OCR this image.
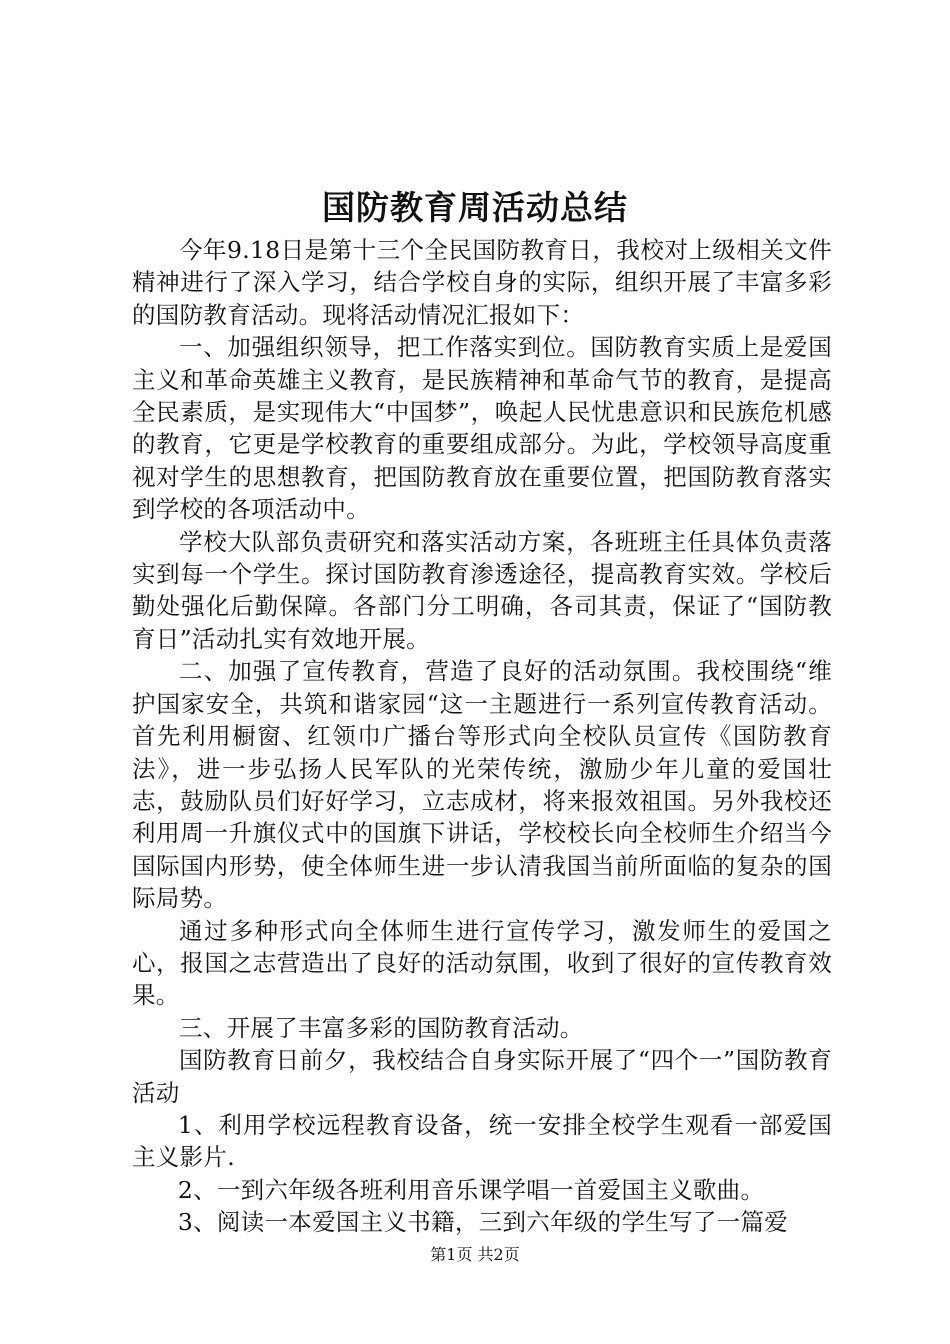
国防教育周活动总结

今年9.18日是第十三个全民国防教育日，我校对上级相关文件精神进行了深入学习，结合学校自身的实际，组织开展了丰富多彩的国防教育活动。现将活动情况汇报如下：

一、加强组织领导，把工作落实到位。国防教育实质上是爱国主义和革命英雄主义教育，是民族精神和革命气节的教育，是提高全民素质，是实现伟大“中国梦”，唤起人民忧患意识和民族危机感的教育，它更是学校教育的重要组成部分。为此，学校领导高度重视对学生的思想教育，把国防教育放在重要位置，把国防教育落实到学校的各项活动中。

学校大队部负责研究和落实活动方案，各班班主任具体负责落实到每一个学生。探讨国防教育渗透途径，提高教育实效。学校后勤处强化后勤保障。各部门分工明确，各司其责，保证了“国防教育日”活动扎实有效地开展。

二、加强了宣传教育，营造了良好的活动氛围。我校围绕“维护国家安全，共筑和谐家园“这一主题进行一系列宣传教育活动。首先利用橱窗、红领巾广播台等形式向全校队员宣传《国防教育法》，进一步弘扬人民军队的光荣传统，激励少年儿童的爱国壮志，鼓励队员们好好学习，立志成材，将来报效祖国。另外我校还利用周一升旗仪式中的国旗下讲话，学校校长向全校师生介绍当今国际国内形势，使全体师生进一步认清我国当前所面临的复杂的国际局势。

通过多种形式向全体师生进行宣传学习，激发师生的爱国之心，报国之志营造出了良好的活动氛围，收到了很好的宣传教育效果。

三、开展了丰富多彩的国防教育活动。

国防教育日前夕，我校结合自身实际开展了“四个一”国防教育活动

1、利用学校远程教育设备，统一安排全校学生观看一部爱国主义影片.

2、一到六年级各班利用音乐课学唱一首爱国主义歌曲。

3、阅读一本爱国主义书籍，三到六年级的学生写了一篇爱

第1页 共2页
